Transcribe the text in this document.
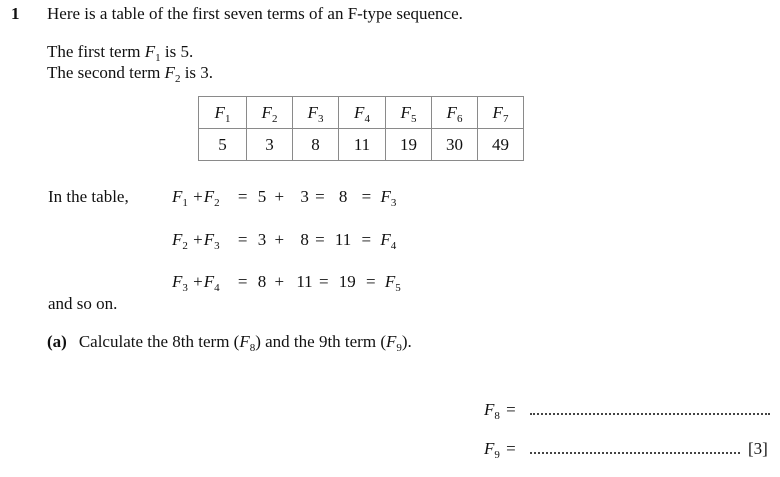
1 Here is a table of the first seven terms of an F-type sequence.
The first term $F_1$ is 5.
The second term $F_2$ is 3.
$F_1$	$F_2$	$F_3$	$F_4$	$F_5$	$F_6$	$F_7$
5	3	8	11	19	30	49
In the table,	$F_1 +F_2 = 5 + 3 = 8 = F_3$
$F_2 +F_3 = 3 + 8 = 11 = F_4$
$F_3 +F_4 = 8 + 11 = 19 = F_5$
and so on.
(a) Calculate the 8th term $(F_8)$ and the 9th term $(F_9)$.
$F_8$ =
$F_9$ =	[3]
